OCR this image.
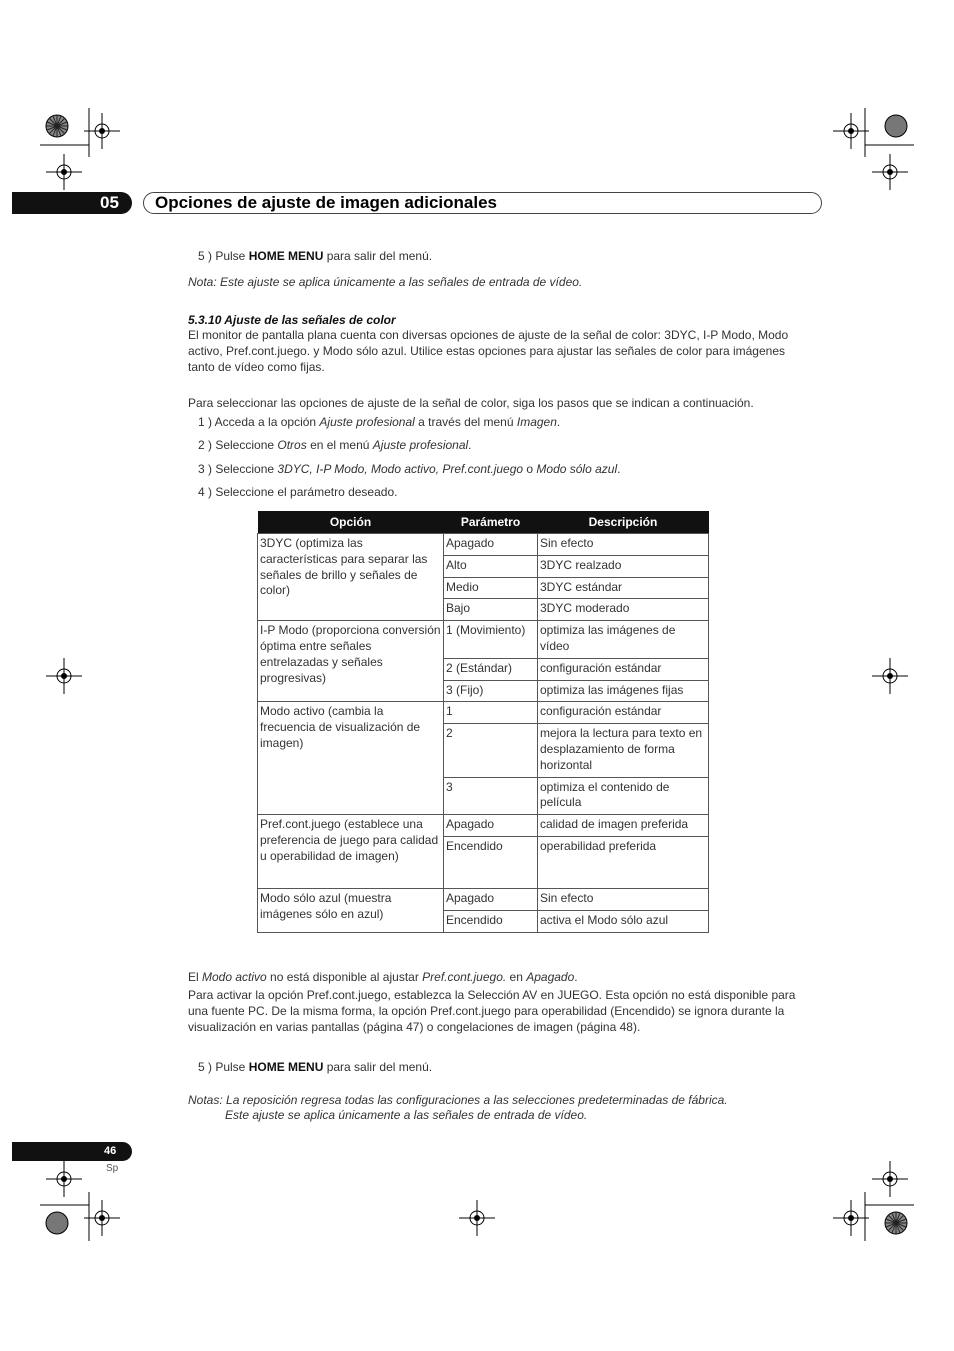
05 Opciones de ajuste de imagen adicionales
5 ) Pulse HOME MENU para salir del menú.
Nota: Este ajuste se aplica únicamente a las señales de entrada de vídeo.
5.3.10 Ajuste de las señales de color
El monitor de pantalla plana cuenta con diversas opciones de ajuste de la señal de color: 3DYC, I-P Modo, Modo
activo, Pref.cont.juego. y Modo sólo azul. Utilice estas opciones para ajustar las señales de color para imágenes
tanto de vídeo como fijas.
Para seleccionar las opciones de ajuste de la señal de color, siga los pasos que se indican a continuación.
1 ) Acceda a la opción Ajuste profesional a través del menú Imagen.
2 ) Seleccione Otros en el menú Ajuste profesional.
3 ) Seleccione 3DYC, I-P Modo, Modo activo, Pref.cont.juego o Modo sólo azul.
4 ) Seleccione el parámetro deseado.
Opción	Parámetro	Descripción
3DYC (optimiza las características para separar las señales de brillo y señales de color)	Apagado	Sin efecto
	Alto	3DYC realzado
	Medio	3DYC estándar
	Bajo	3DYC moderado
I-P Modo (proporciona conversión óptima entre señales entrelazadas y señales progresivas)	1 (Movimiento)	optimiza las imágenes de vídeo
	2 (Estándar)	configuración estándar
	3 (Fijo)	optimiza las imágenes fijas
Modo activo (cambia la frecuencia de visualización de imagen)	1	configuración estándar
	2	mejora la lectura para texto en desplazamiento de forma horizontal
	3	optimiza el contenido de película
Pref.cont.juego (establece una preferencia de juego para calidad u operabilidad de imagen)	Apagado	calidad de imagen preferida
	Encendido	operabilidad preferida
Modo sólo azul (muestra imágenes sólo en azul)	Apagado	Sin efecto
	Encendido	activa el Modo sólo azul
El Modo activo no está disponible al ajustar Pref.cont.juego. en Apagado.
Para activar la opción Pref.cont.juego, establezca la Selección AV en JUEGO. Esta opción no está disponible para
una fuente PC. De la misma forma, la opción Pref.cont.juego para operabilidad (Encendido) se ignora durante la
visualización en varias pantallas (página 47) o congelaciones de imagen (página 48).
5 ) Pulse HOME MENU para salir del menú.
Notas: La reposición regresa todas las configuraciones a las selecciones predeterminadas de fábrica.
Este ajuste se aplica únicamente a las señales de entrada de vídeo.
46
Sp
